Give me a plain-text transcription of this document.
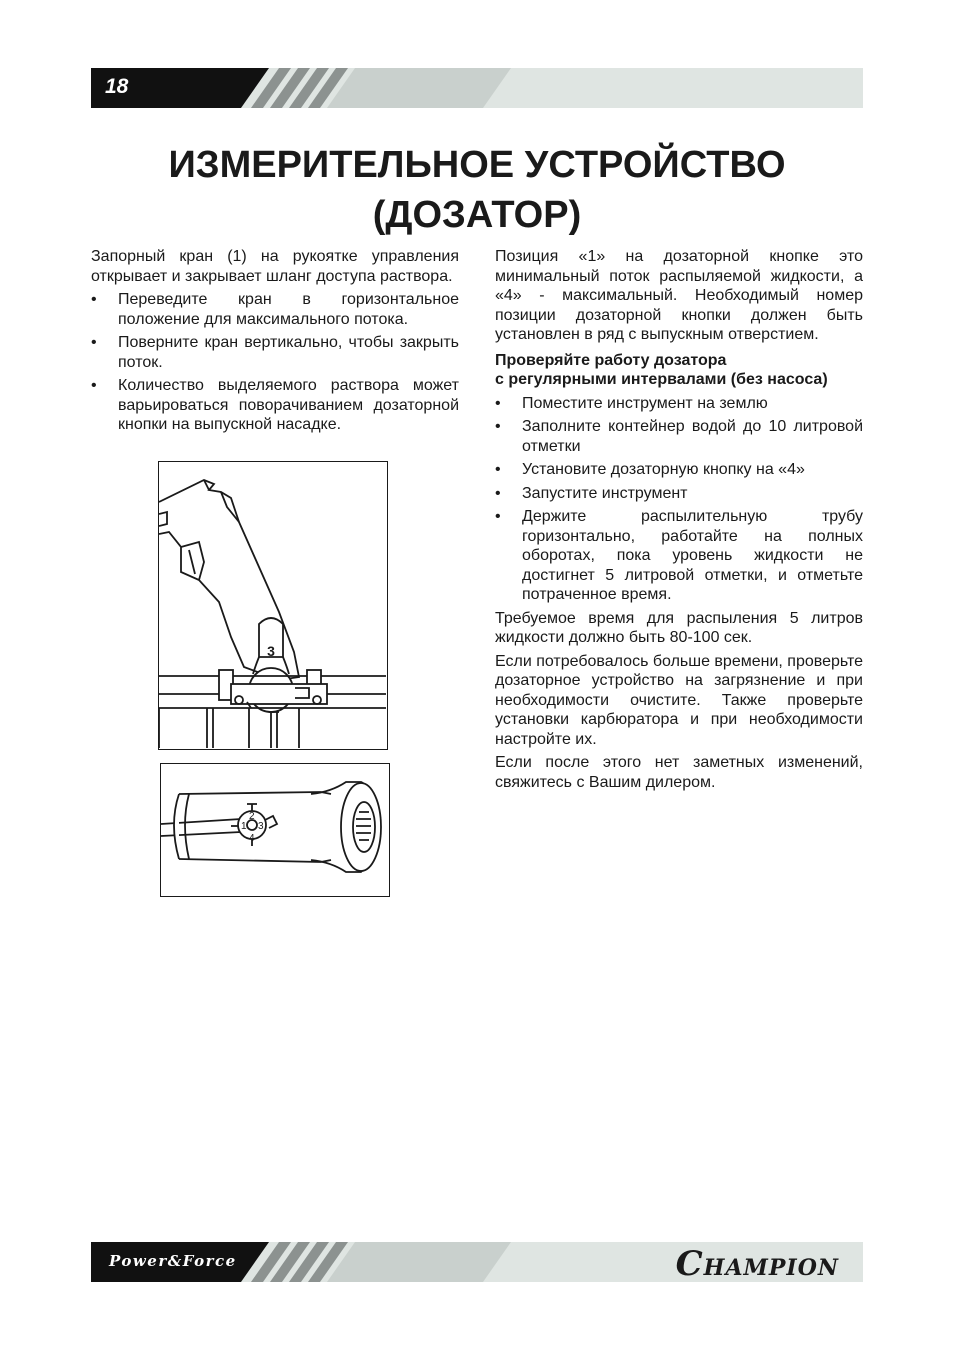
18
ИЗМЕРИТЕЛЬНОЕ УСТРОЙСТВО
(ДОЗАТОР)

Запорный кран (1) на рукоятке управления открывает и закрывает шланг доступа раствора.

• Переведите кран в горизонтальное положение для максимального потока.
• Поверните кран вертикально, чтобы закрыть поток.
• Количество выделяемого раствора может варьироваться поворачиванием дозаторной кнопки на выпускной насадке.
3
1
2
3
4

Позиция «1» на дозаторной кнопке это минимальный поток распыляемой жидкости, а «4» - максимальный. Необходимый номер позиции дозаторной кнопки должен быть установлен в ряд с выпускным отверстием.

Проверяйте работу дозатора
с регулярными интервалами (без насоса)

• Поместите инструмент на землю
• Заполните контейнер водой до 10 литровой отметки
• Установите дозаторную кнопку на «4»
• Запустите инструмент
• Держите распылительную трубу горизонтально, работайте на полных оборотах, пока уровень жидкости не достигнет 5 литровой отметки, и отметьте потраченное время.

Требуемое время для распыления 5 литров жидкости должно быть 80-100 сек.

Если потребовалось больше времени, проверьте дозаторное устройство на загрязнение и при необходимости очистите. Также проверьте установки карбюратора и при необходимости настройте их.

Если после этого нет заметных изменений, свяжитесь с Вашим дилером.

Power&Force	CHAMPION
